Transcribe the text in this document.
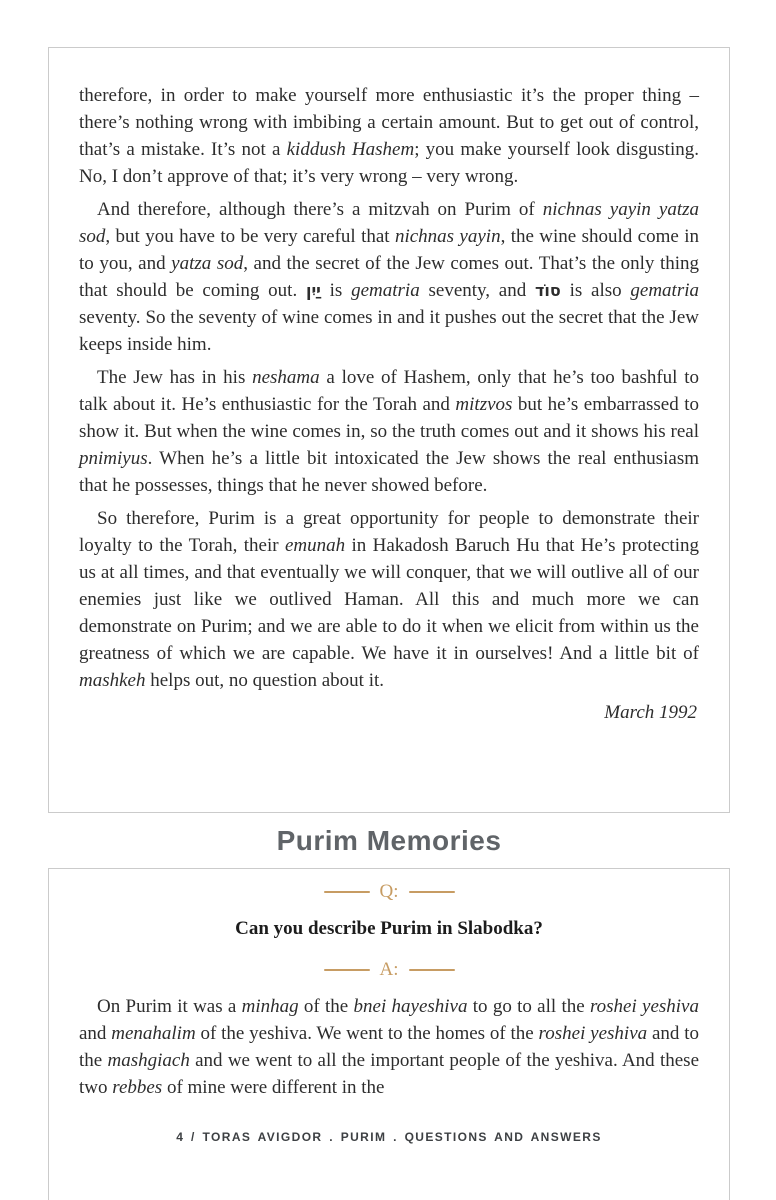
therefore, in order to make yourself more enthusiastic it’s the proper thing – there’s nothing wrong with imbibing a certain amount. But to get out of control, that’s a mistake. It’s not a kiddush Hashem; you make yourself look disgusting. No, I don’t approve of that; it’s very wrong – very wrong.

And therefore, although there’s a mitzvah on Purim of nichnas yayin yatza sod, but you have to be very careful that nichnas yayin, the wine should come in to you, and yatza sod, and the secret of the Jew comes out. That’s the only thing that should be coming out. יַיִן is gematria seventy, and סוֹד is also gematria seventy. So the seventy of wine comes in and it pushes out the secret that the Jew keeps inside him.

The Jew has in his neshama a love of Hashem, only that he’s too bashful to talk about it. He’s enthusiastic for the Torah and mitzvos but he’s embarrassed to show it. But when the wine comes in, so the truth comes out and it shows his real pnimiyus. When he’s a little bit intoxicated the Jew shows the real enthusiasm that he possesses, things that he never showed before.

So therefore, Purim is a great opportunity for people to demonstrate their loyalty to the Torah, their emunah in Hakadosh Baruch Hu that He’s protecting us at all times, and that eventually we will conquer, that we will outlive all of our enemies just like we outlived Haman. All this and much more we can demonstrate on Purim; and we are able to do it when we elicit from within us the greatness of which we are capable. We have it in ourselves! And a little bit of mashkeh helps out, no question about it.

March 1992
Purim Memories
Q:
Can you describe Purim in Slabodka?
A:

On Purim it was a minhag of the bnei hayeshiva to go to all the roshei yeshiva and menahalim of the yeshiva. We went to the homes of the roshei yeshiva and to the mashgiach and we went to all the important people of the yeshiva. And these two rebbes of mine were different in the

4 / TORAS AVIGDOR . PURIM . QUESTIONS AND ANSWERS
